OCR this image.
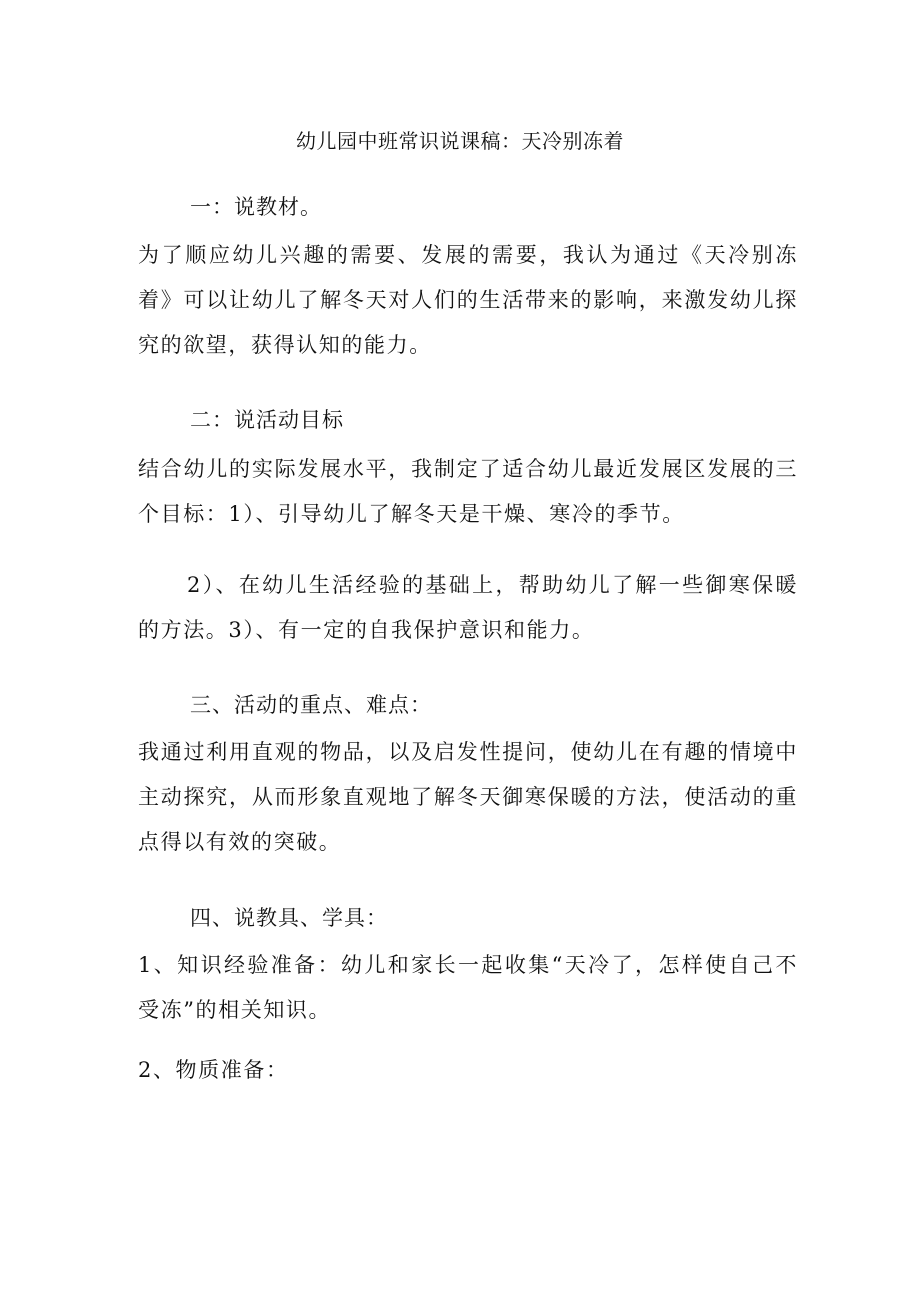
幼儿园中班常识说课稿：天冷别冻着
一：说教材。
为了顺应幼儿兴趣的需要、发展的需要，我认为通过《天冷别冻着》可以让幼儿了解冬天对人们的生活带来的影响，来激发幼儿探究的欲望，获得认知的能力。
二：说活动目标
结合幼儿的实际发展水平，我制定了适合幼儿最近发展区发展的三个目标：1）、引导幼儿了解冬天是干燥、寒冷的季节。
2）、在幼儿生活经验的基础上，帮助幼儿了解一些御寒保暖的方法。3）、有一定的自我保护意识和能力。
三、活动的重点、难点：
我通过利用直观的物品，以及启发性提问，使幼儿在有趣的情境中主动探究，从而形象直观地了解冬天御寒保暖的方法，使活动的重点得以有效的突破。
四、说教具、学具：
1、知识经验准备：幼儿和家长一起收集“天冷了，怎样使自己不受冻”的相关知识。
2、物质准备：
